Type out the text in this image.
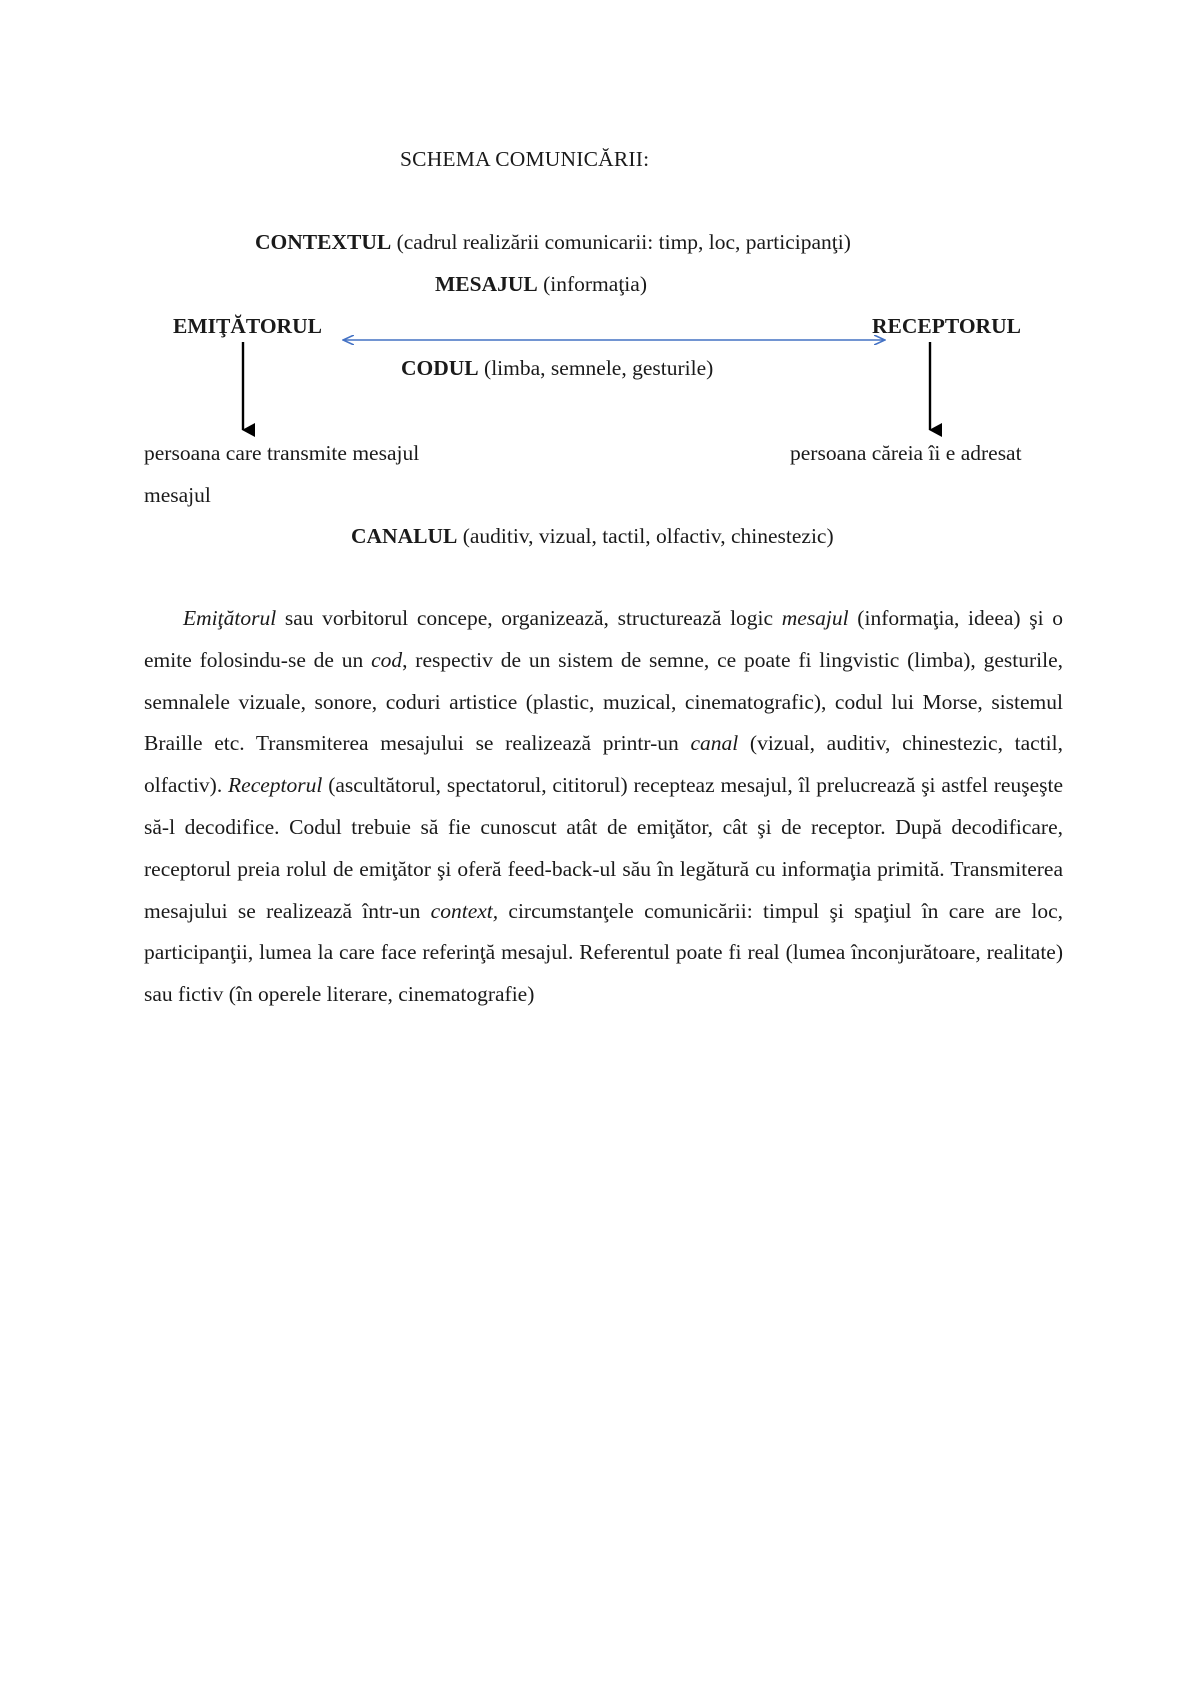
SCHEMA COMUNICĂRII:
CONTEXTUL (cadrul realizării comunicarii: timp, loc, participanţi)
MESAJUL (informaţia)
EMIŢĂTORUL	RECEPTORUL
CODUL (limba, semnele, gesturile)
persoana care transmite mesajul	persoana căreia îi e adresat
mesajul
CANALUL (auditiv, vizual, tactil, olfactiv, chinestezic)

Emiţătorul sau vorbitorul concepe, organizează, structurează logic mesajul (informaţia, ideea) şi o emite folosindu-se de un cod, respectiv de un sistem de semne, ce poate fi lingvistic (limba), gesturile, semnalele vizuale, sonore, coduri artistice (plastic, muzical, cinematografic), codul lui Morse, sistemul Braille etc. Transmiterea mesajului se realizează printr-un canal (vizual, auditiv, chinestezic, tactil, olfactiv). Receptorul (ascultătorul, spectatorul, cititorul) recepteaz mesajul, îl prelucrează şi astfel reuşeşte să-l decodifice. Codul trebuie să fie cunoscut atât de emiţător, cât şi de receptor. După decodificare, receptorul preia rolul de emiţător şi oferă feed-back-ul său în legătură cu informaţia primită. Transmiterea mesajului se realizează într-un context, circumstanţele comunicării: timpul şi spaţiul în care are loc, participanţii, lumea la care face referinţă mesajul. Referentul poate fi real (lumea înconjurătoare, realitate) sau fictiv (în operele literare, cinematografie)
